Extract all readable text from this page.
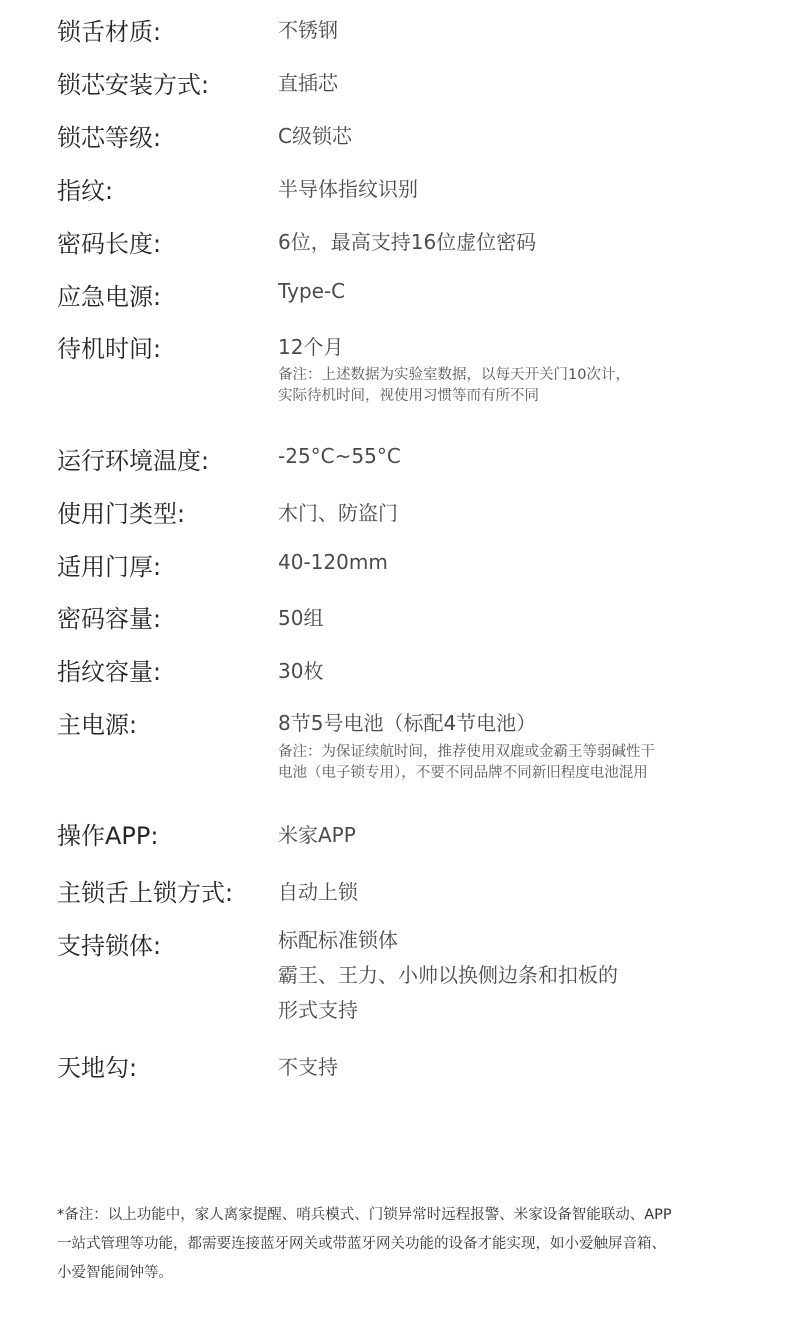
锁舌材质:	不锈钢
锁芯安装方式:	直插芯
锁芯等级:	C级锁芯
指纹:	半导体指纹识别
密码长度:	6位，最高支持16位虚位密码
应急电源:	Type-C
待机时间:	12个月
备注：上述数据为实验室数据，以每天开关门10次计，
实际待机时间，视使用习惯等而有所不同
运行环境温度:	-25°C~55°C
使用门类型:	木门、防盗门
适用门厚:	40-120mm
密码容量:	50组
指纹容量:	30枚
主电源:	8节5号电池（标配4节电池）
备注：为保证续航时间，推荐使用双鹿或金霸王等弱碱性干
电池（电子锁专用），不要不同品牌不同新旧程度电池混用
操作APP:	米家APP
主锁舌上锁方式: 自动上锁
支持锁体:	标配标准锁体
霸王、王力、小帅以换侧边条和扣板的
形式支持
天地勾:	不支持
*备注：以上功能中，家人离家提醒、哨兵模式、门锁异常时远程报警、米家设备智能联动、APP
一站式管理等功能，都需要连接蓝牙网关或带蓝牙网关功能的设备才能实现，如小爱触屏音箱、
小爱智能闹钟等。
